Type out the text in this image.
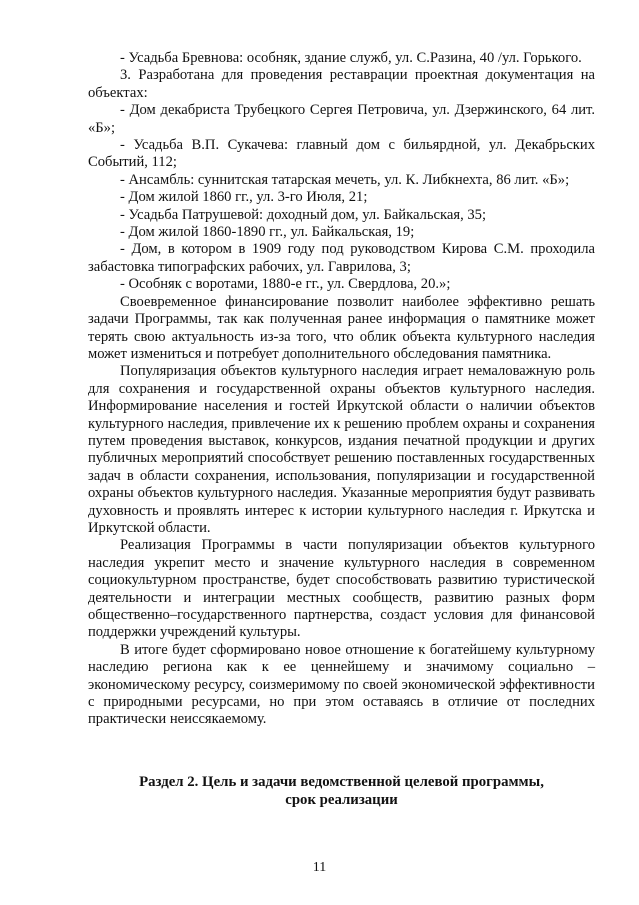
- Усадьба Бревнова: особняк, здание служб, ул. С.Разина, 40 /ул. Горького.

3. Разработана для проведения реставрации проектная документация на объектах:

- Дом декабриста Трубецкого Сергея Петровича, ул. Дзержинского, 64 лит. «Б»;

- Усадьба В.П. Сукачева: главный дом с бильярдной, ул. Декабрьских Событий, 112;

- Ансамбль: суннитская татарская мечеть, ул. К. Либкнехта, 86 лит. «Б»;

- Дом жилой 1860 гг., ул. 3-го Июля, 21;

- Усадьба Патрушевой: доходный дом, ул. Байкальская, 35;

- Дом жилой 1860-1890 гг., ул. Байкальская, 19;

- Дом, в котором в 1909 году под руководством Кирова С.М. проходила забастовка типографских рабочих, ул. Гаврилова, 3;

- Особняк с воротами, 1880-е гг., ул. Свердлова, 20.»;

Своевременное финансирование позволит наиболее эффективно решать задачи Программы, так как полученная ранее информация о памятнике может терять свою актуальность из-за того, что облик объекта культурного наследия может измениться и потребует дополнительного обследования памятника.

Популяризация объектов культурного наследия играет немаловажную роль для сохранения и государственной охраны объектов культурного наследия. Информирование населения и гостей Иркутской области о наличии объектов культурного наследия, привлечение их к решению проблем охраны и сохранения путем проведения выставок, конкурсов, издания печатной продукции и других публичных мероприятий способствует решению поставленных государственных задач в области сохранения, использования, популяризации и государственной охраны объектов культурного наследия. Указанные мероприятия будут развивать духовность и проявлять интерес к истории культурного наследия г. Иркутска и Иркутской области.

Реализация Программы в части популяризации объектов культурного наследия укрепит место и значение культурного наследия в современном социокультурном пространстве, будет способствовать развитию туристической деятельности и интеграции местных сообществ, развитию разных форм общественно–государственного партнерства, создаст условия для финансовой поддержки учреждений культуры.

В итоге будет сформировано новое отношение к богатейшему культурному наследию региона как к ее ценнейшему и значимому социально – экономическому ресурсу, соизмеримому по своей экономической эффективности с природными ресурсами, но при этом оставаясь в отличие от последних практически неиссякаемому.

Раздел 2. Цель и задачи ведомственной целевой программы,
срок реализации
11
